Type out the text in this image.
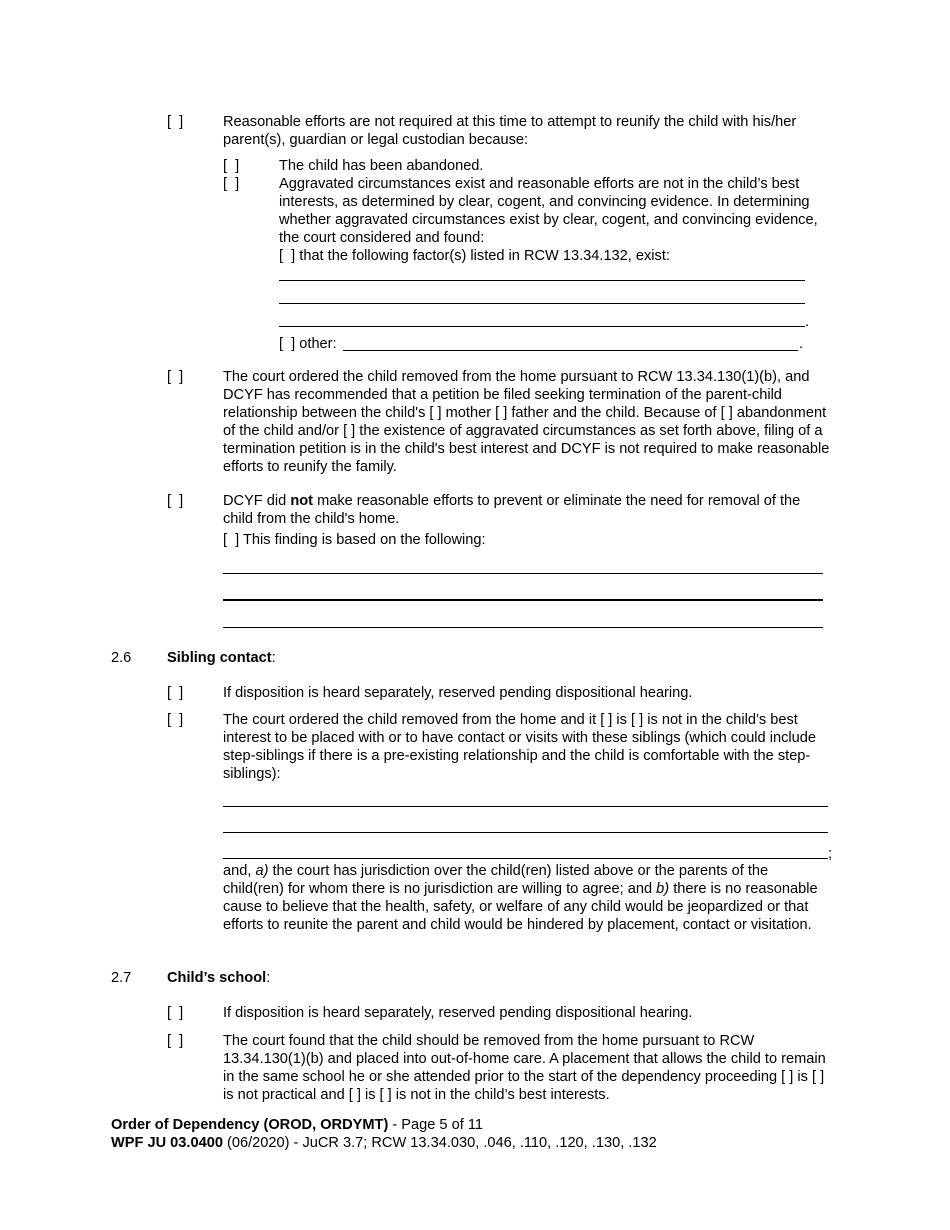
[  ]	Reasonable efforts are not required at this time to attempt to reunify the child with his/her parent(s), guardian or legal custodian because:
[  ]	The child has been abandoned.
[  ]	Aggravated circumstances exist and reasonable efforts are not in the child’s best interests, as determined by clear, cogent, and convincing evidence. In determining whether aggravated circumstances exist by clear, cogent, and convincing evidence, the court considered and found:
[  ] that the following factor(s) listed in RCW 13.34.132, exist:
.
[  ] other:	.
[  ]	The court ordered the child removed from the home pursuant to RCW 13.34.130(1)(b), and DCYF has recommended that a petition be filed seeking termination of the parent-child relationship between the child's [ ] mother [ ] father and the child. Because of [ ] abandonment of the child and/or [ ] the existence of aggravated circumstances as set forth above, filing of a termination petition is in the child's best interest and DCYF is not required to make reasonable efforts to reunify the family.
[  ]	DCYF did not make reasonable efforts to prevent or eliminate the need for removal of the child from the child's home.
[  ] This finding is based on the following:
2.6 Sibling contact:
[  ]	If disposition is heard separately, reserved pending dispositional hearing.
[  ]	The court ordered the child removed from the home and it [ ] is [ ] is not in the child’s best interest to be placed with or to have contact or visits with these siblings (which could include step-siblings if there is a pre-existing relationship and the child is comfortable with the step-siblings):
;
and, a) the court has jurisdiction over the child(ren) listed above or the parents of the child(ren) for whom there is no jurisdiction are willing to agree; and b) there is no reasonable cause to believe that the health, safety, or welfare of any child would be jeopardized or that efforts to reunite the parent and child would be hindered by placement, contact or visitation.
2.7 Child’s school:
[  ]	If disposition is heard separately, reserved pending dispositional hearing.
[  ]	The court found that the child should be removed from the home pursuant to RCW 13.34.130(1)(b) and placed into out-of-home care. A placement that allows the child to remain in the same school he or she attended prior to the start of the dependency proceeding [ ] is [ ] is not practical and [ ] is [ ] is not in the child’s best interests.
Order of Dependency (OROD, ORDYMT) - Page 5 of 11
WPF JU 03.0400 (06/2020) - JuCR 3.7; RCW 13.34.030, .046, .110, .120, .130, .132
